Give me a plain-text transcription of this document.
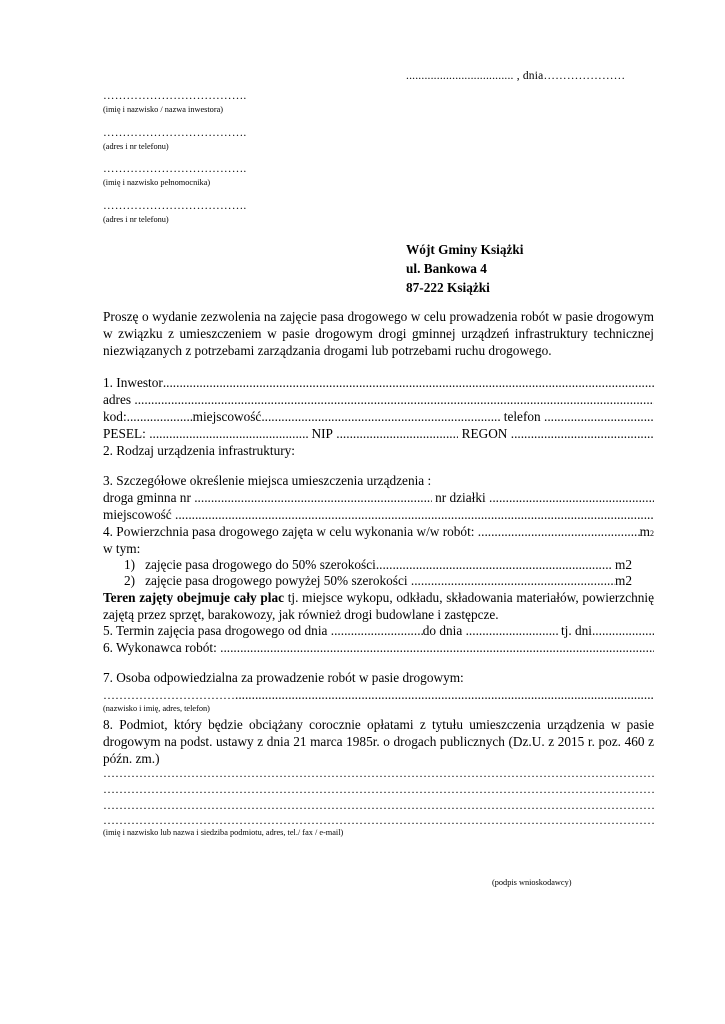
................................... , dnia…………………
……………………………….
(imię i nazwisko / nazwa inwestora)
……………………………….
(adres i nr telefonu)
……………………………….
(imię i nazwisko pełnomocnika)
……………………………….
(adres i nr telefonu)
Wójt Gminy Książki
ul. Bankowa 4
87-222 Książki
Proszę o wydanie zezwolenia na zajęcie pasa drogowego w celu prowadzenia robót w pasie drogowym w związku z umieszczeniem w pasie drogowym drogi gminnej urządzeń infrastruktury technicznej niezwiązanych z potrzebami zarządzania drogami lub potrzebami ruchu drogowego.
1. Inwestor
.....
adres

.....
kod: .....	miejscowość .....
	telefon

.....
PESEL:
.....
	NIP
.....
	REGON

.....
2. Rodzaj urządzenia infrastruktury:
3. Szczegółowe określenie miejsca umieszczenia urządzenia :
droga gminna nr
.....
	nr działki

.....
miejscowość

.....
4. Powierzchnia pasa drogowego zajęta w celu wykonania w/w robót:
.....	m 2
w tym:
1)
zajęcie pasa drogowego do 50% szerokości .....
	m2
2)
zajęcie pasa drogowego powyżej 50% szerokości
.....	m2
Teren zajęty obejmuje cały plac tj. miejsce wykopu, odkładu, składowania materiałów, powierzchnię zajętą przez sprzęt, barakowozy, jak również drogi budowlane i zastępcze.
5. Termin zajęcia pasa drogowego od dnia
.....	do dnia
.....
	tj. dni
.....
6. Wykonawca robót:

.....
7. Osoba odpowiedzialna za prowadzenie robót w pasie drogowym:
……………………………
.....
(nazwisko i imię, adres, telefon)
8. Podmiot, który będzie obciążany corocznie opłatami z tytułu umieszczenia urządzenia w pasie drogowym na podst. ustawy z dnia 21 marca 1985r. o drogach publicznych (Dz.U. z 2015 r. poz. 460 z późn. zm.)
………………………………………………………………………………………………………………………………………………………………………………………………
………………………………………………………………………………………………………………………………………………………………………………………………
………………………………………………………………………………………………………………………………………………………………………………………………
………………………………………………………………………………………………………………………………………………………………………………………………
(imię i nazwisko lub nazwa i siedziba podmiotu, adres, tel./ fax / e-mail)
(podpis wnioskodawcy)
